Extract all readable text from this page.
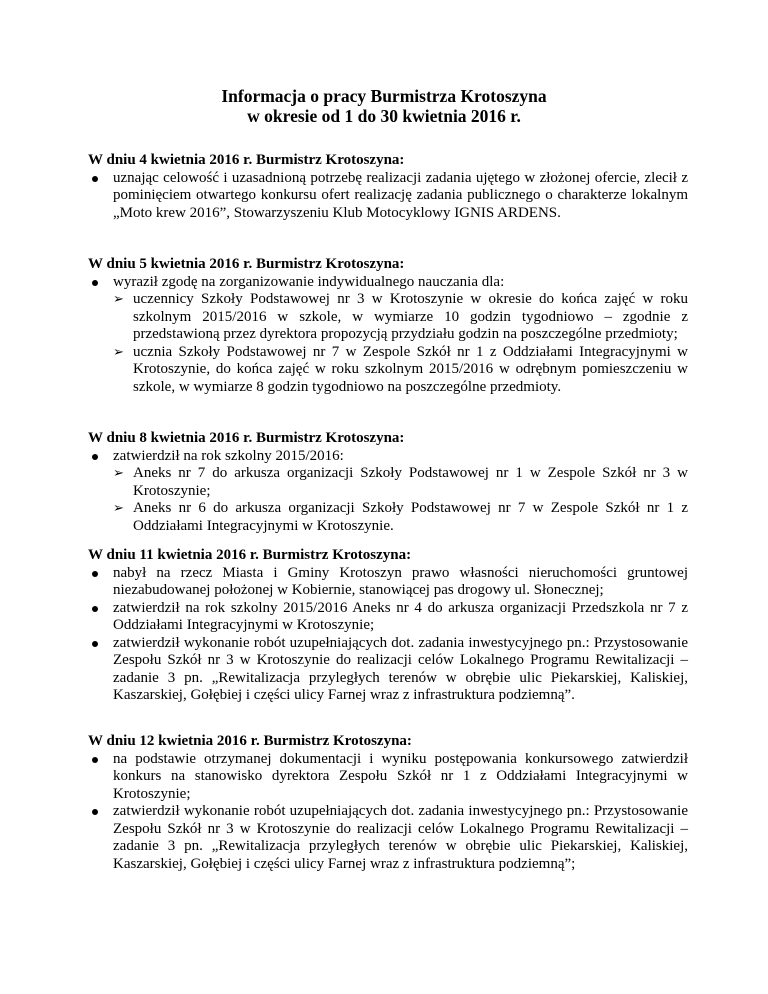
Informacja o pracy Burmistrza Krotoszyna
w okresie od 1 do 30 kwietnia 2016 r.

W dniu 4 kwietnia 2016 r. Burmistrz Krotoszyna:

uznając celowość i uzasadnioną potrzebę realizacji zadania ujętego w złożonej ofercie, zlecił z pominięciem otwartego konkursu ofert realizację zadania publicznego o charakterze lokalnym „Moto krew 2016”, Stowarzyszeniu Klub Motocyklowy IGNIS ARDENS.

W dniu 5 kwietnia 2016 r. Burmistrz Krotoszyna:

wyraził zgodę na zorganizowanie indywidualnego nauczania dla:
➢ uczennicy Szkoły Podstawowej nr 3 w Krotoszynie w okresie do końca zajęć w roku szkolnym 2015/2016 w szkole, w wymiarze 10 godzin tygodniowo – zgodnie z przedstawioną przez dyrektora propozycją przydziału godzin na poszczególne przedmioty;
➢ ucznia Szkoły Podstawowej nr 7 w Zespole Szkół nr 1 z Oddziałami Integracyjnymi w Krotoszynie, do końca zajęć w roku szkolnym 2015/2016 w odrębnym pomieszczeniu w szkole, w wymiarze 8 godzin tygodniowo na poszczególne przedmioty.

W dniu 8 kwietnia 2016 r. Burmistrz Krotoszyna:

zatwierdził na rok szkolny 2015/2016:
➢ Aneks nr 7 do arkusza organizacji Szkoły Podstawowej nr 1 w Zespole Szkół nr 3 w Krotoszynie;
➢ Aneks nr 6 do arkusza organizacji Szkoły Podstawowej nr 7 w Zespole Szkół nr 1 z Oddziałami Integracyjnymi w Krotoszynie.

W dniu 11 kwietnia 2016 r. Burmistrz Krotoszyna:

nabył na rzecz Miasta i Gminy Krotoszyn prawo własności nieruchomości gruntowej niezabudowanej położonej w Kobiernie, stanowiącej pas drogowy ul. Słonecznej;
zatwierdził na rok szkolny 2015/2016 Aneks nr 4 do arkusza organizacji Przedszkola nr 7 z Oddziałami Integracyjnymi w Krotoszynie;
zatwierdził wykonanie robót uzupełniających dot. zadania inwestycyjnego pn.: Przystosowanie Zespołu Szkół nr 3 w Krotoszynie do realizacji celów Lokalnego Programu Rewitalizacji – zadanie 3 pn. „Rewitalizacja przyległych terenów w obrębie ulic Piekarskiej, Kaliskiej, Kaszarskiej, Gołębiej i części ulicy Farnej wraz z infrastruktura podziemną”.

W dniu 12 kwietnia 2016 r. Burmistrz Krotoszyna:

na podstawie otrzymanej dokumentacji i wyniku postępowania konkursowego zatwierdził konkurs na stanowisko dyrektora Zespołu Szkół nr 1 z Oddziałami Integracyjnymi w Krotoszynie;
zatwierdził wykonanie robót uzupełniających dot. zadania inwestycyjnego pn.: Przystosowanie Zespołu Szkół nr 3 w Krotoszynie do realizacji celów Lokalnego Programu Rewitalizacji – zadanie 3 pn. „Rewitalizacja przyległych terenów w obrębie ulic Piekarskiej, Kaliskiej, Kaszarskiej, Gołębiej i części ulicy Farnej wraz z infrastruktura podziemną”;
